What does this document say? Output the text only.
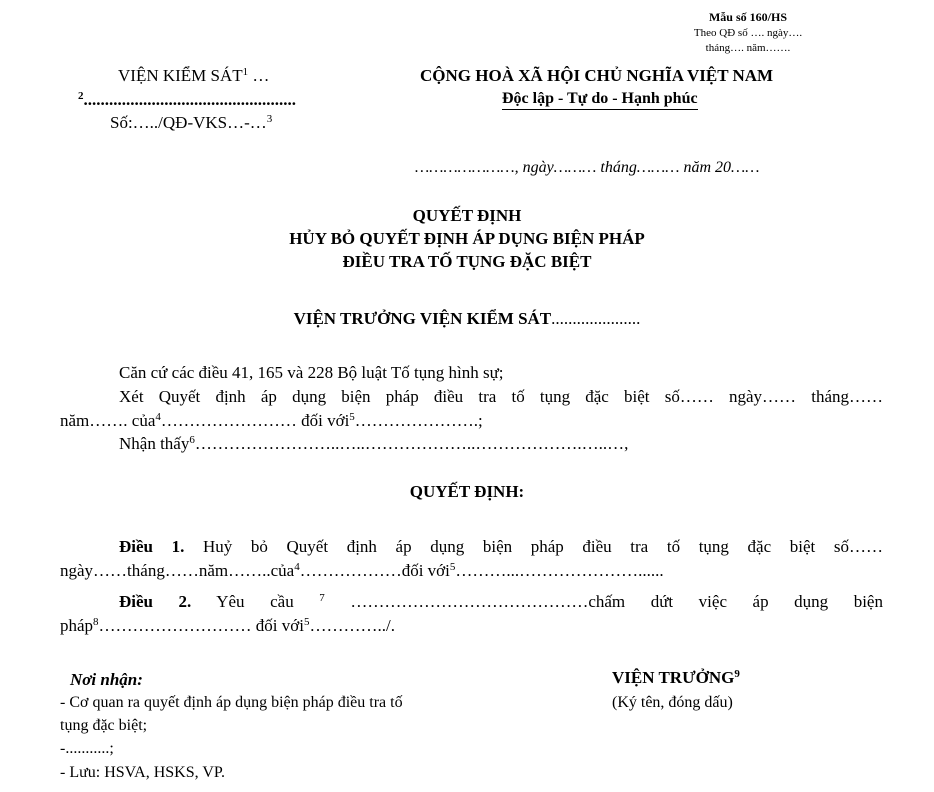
Mẫu số 160/HS
Theo QĐ số …. ngày….
tháng…. năm…….
VIỆN KIỂM SÁT$^1$ …
$^2$..................................................
Số:…../QĐ-VKS…-…$^3$
CỘNG HOÀ XÃ HỘI CHỦ NGHĨA VIỆT NAM
Độc lập - Tự do - Hạnh phúc
…………………, ngày……… tháng……… năm 20……
QUYẾT ĐỊNH
HỦY BỎ QUYẾT ĐỊNH ÁP DỤNG BIỆN PHÁP
ĐIỀU TRA TỐ TỤNG ĐẶC BIỆT
VIỆN TRƯỞNG VIỆN KIỂM SÁT.....................
Căn cứ các điều 41, 165 và 228 Bộ luật Tố tụng hình sự;
Xét Quyết định áp dụng biện pháp điều tra tố tụng đặc biệt số…… ngày…… tháng……
năm……. của$^4$…………………… đối với$^5$………………….;
Nhận thấy$^6$……………………..…..………………..……………….…..…,
QUYẾT ĐỊNH:
Điều 1. Huỷ bỏ Quyết định áp dụng biện pháp điều tra tố tụng đặc biệt số……
ngày……tháng……năm……..của$^4$………………đối với$^5$………...…………………......
Điều 2. Yêu cầu $^7$ ……………………………………chấm dứt việc áp dụng biện
pháp$^8$……………………… đối với$^5$…………../.
Nơi nhận:
- Cơ quan ra quyết định áp dụng biện pháp điều tra tố
tụng đặc biệt;
-...........;
- Lưu: HSVA, HSKS, VP.
VIỆN TRƯỞNG$^9$
(Ký tên, đóng dấu)
